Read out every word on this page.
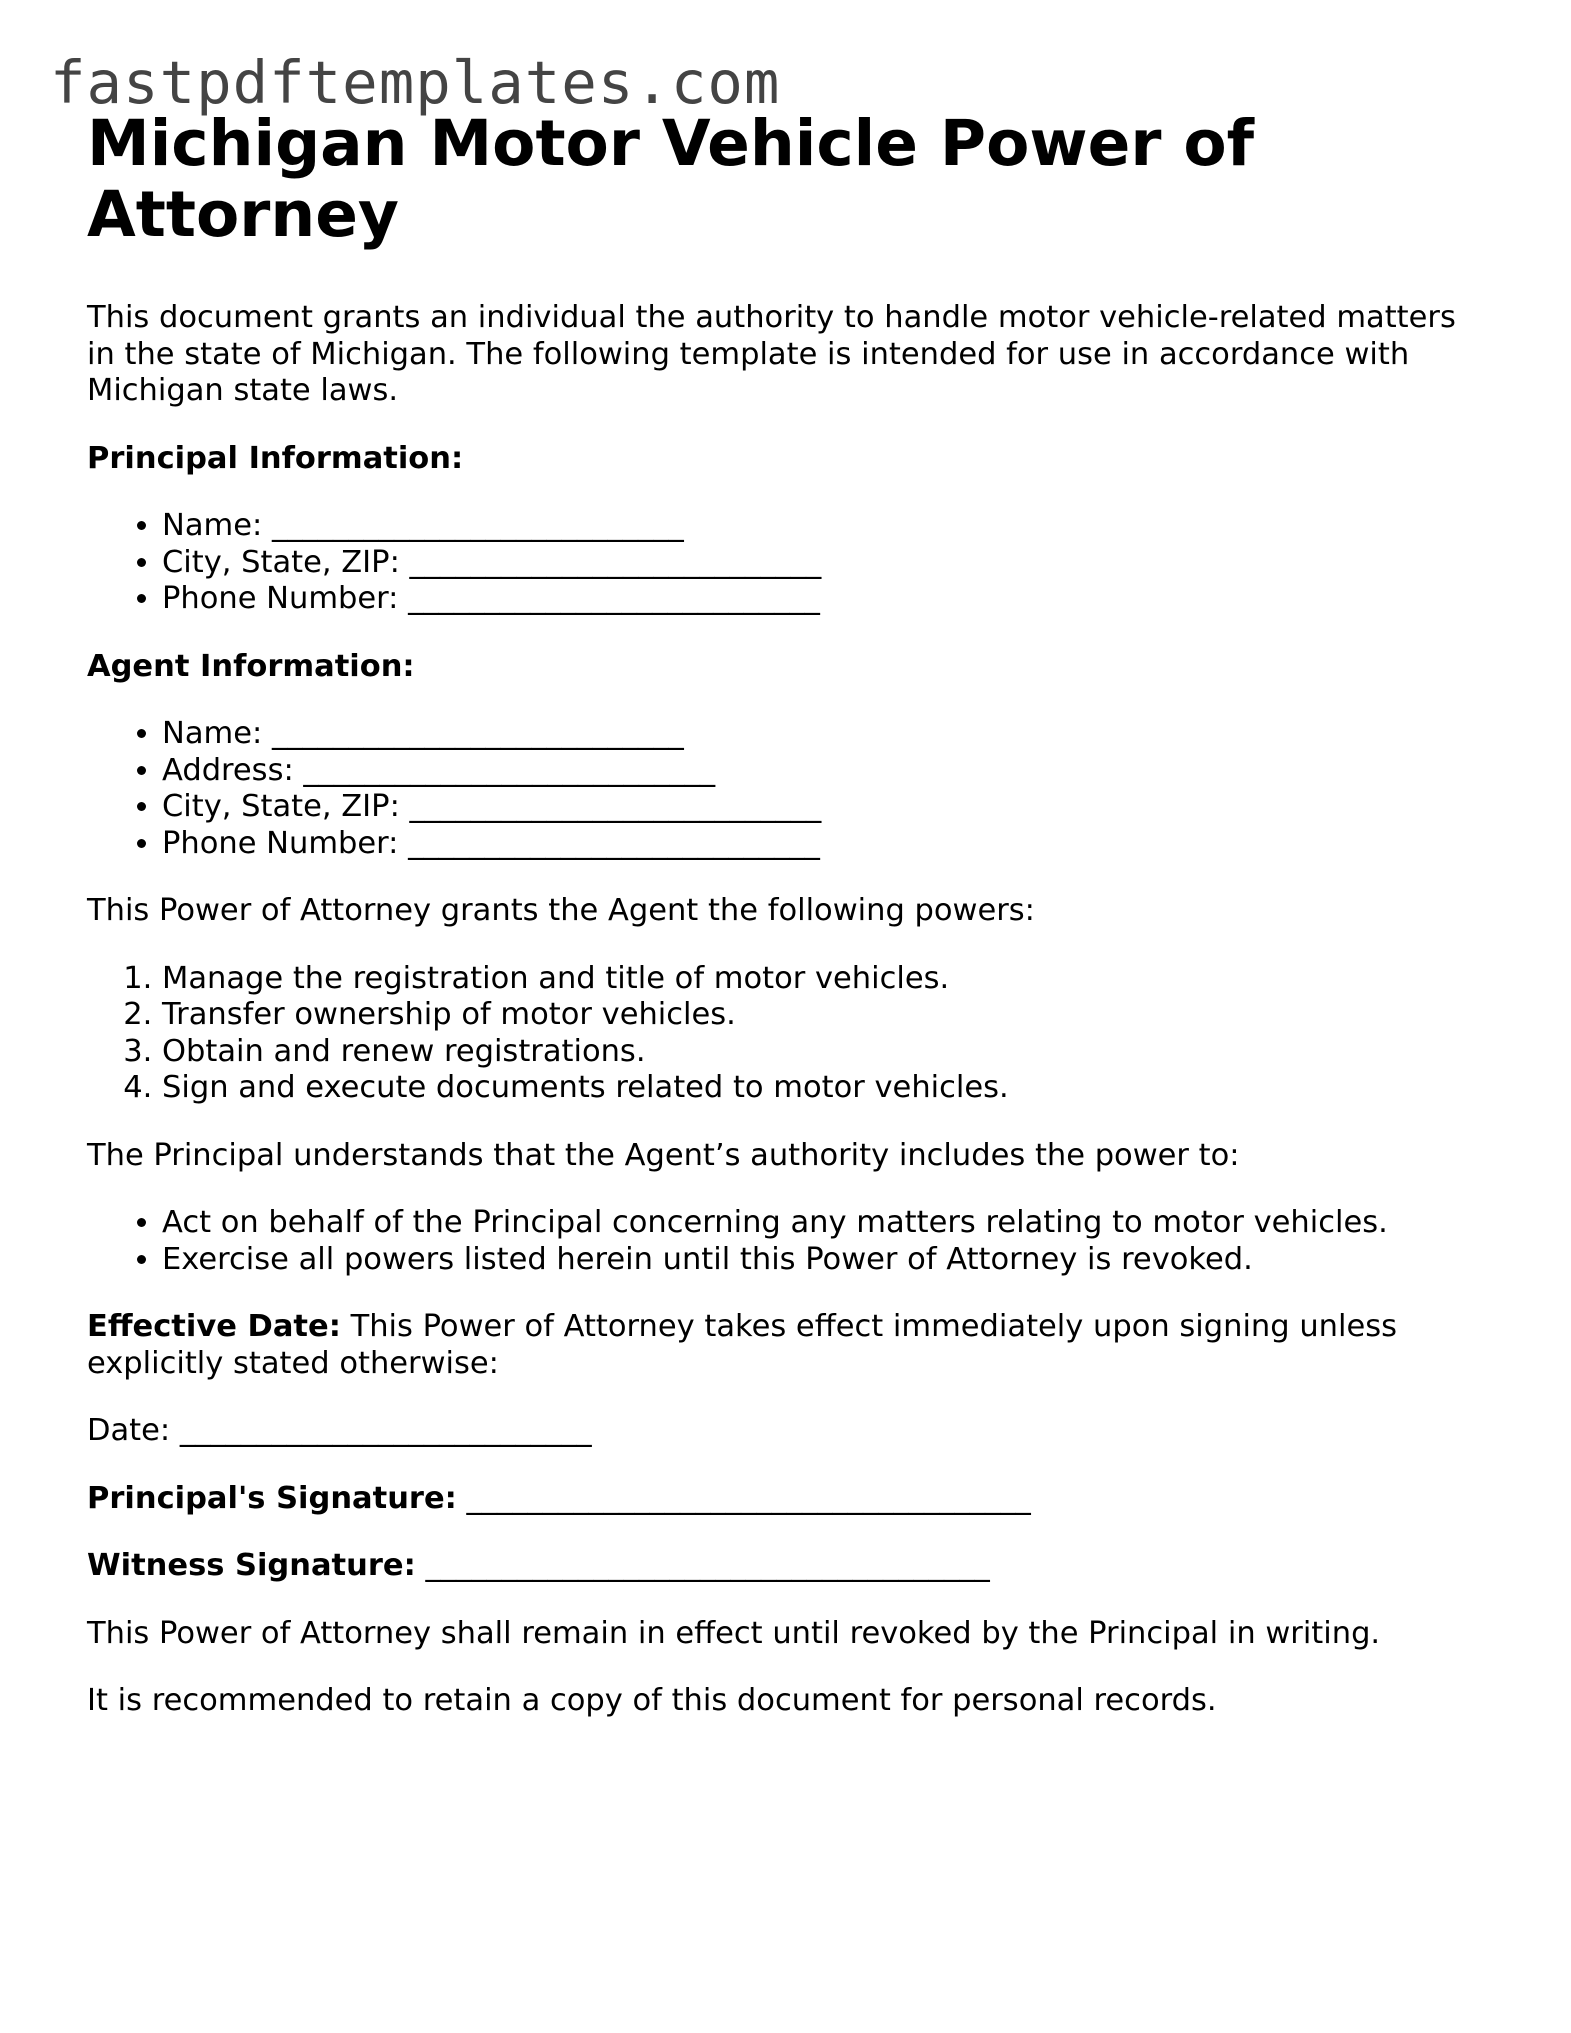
fastpdftemplates.com
Michigan Motor Vehicle Power of Attorney

This document grants an individual the authority to handle motor vehicle-related matters in the state of Michigan. The following template is intended for use in accordance with Michigan state laws.

Principal Information:

• Name: ___________________________
• City, State, ZIP: ___________________________
• Phone Number: ___________________________

Agent Information:

• Name: ___________________________
• Address: ___________________________
• City, State, ZIP: ___________________________
• Phone Number: ___________________________

This Power of Attorney grants the Agent the following powers:

1. Manage the registration and title of motor vehicles.
2. Transfer ownership of motor vehicles.
3. Obtain and renew registrations.
4. Sign and execute documents related to motor vehicles.

The Principal understands that the Agent’s authority includes the power to:

• Act on behalf of the Principal concerning any matters relating to motor vehicles.
• Exercise all powers listed herein until this Power of Attorney is revoked.

Effective Date: This Power of Attorney takes effect immediately upon signing unless explicitly stated otherwise:

Date: ___________________________

Principal's Signature: _____________________________________

Witness Signature: _____________________________________

This Power of Attorney shall remain in effect until revoked by the Principal in writing.

It is recommended to retain a copy of this document for personal records.
